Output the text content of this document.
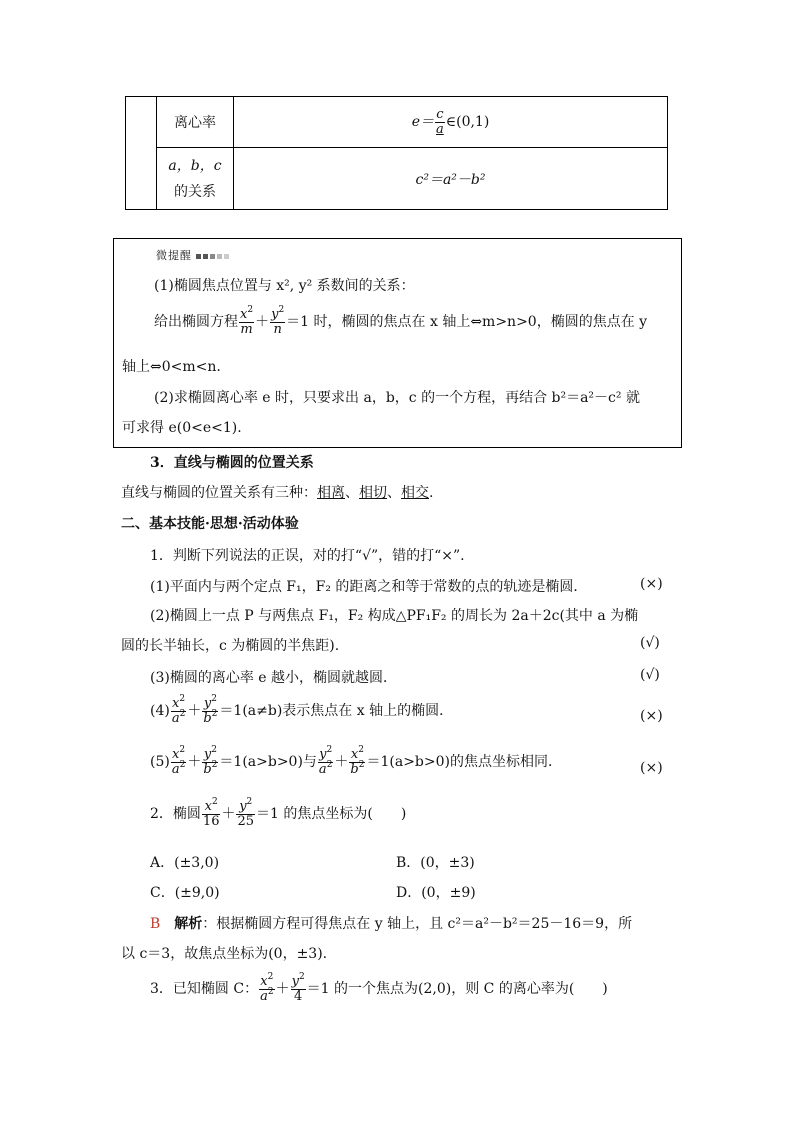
	离心率	$e= \frac{c}{a}$ ∈(0,1)
	a，b，c
的关系	c²＝a²－b²
微提醒
(1)椭圆焦点位置与 x², y² 系数间的关系：
给出椭圆方程 $\frac{x^2}{m} + \frac{y^2}{n} =1$ 时，椭圆的焦点在 x 轴上⇔m>n>0，椭圆的焦点在 y
轴上⇔0<m<n.
(2)求椭圆离心率 e 时，只要求出 a，b，c 的一个方程，再结合 b²＝a²－c² 就
可求得 e(0<e<1).
3．直线与椭圆的位置关系
直线与椭圆的位置关系有三种：相离、相切、相交.
二、基本技能·思想·活动体验
1．判断下列说法的正误，对的打“√”，错的打“×”.
(1)平面内与两个定点 F₁，F₂ 的距离之和等于常数的点的轨迹是椭圆．	(×)
(2)椭圆上一点 P 与两焦点 F₁，F₂ 构成△PF₁F₂ 的周长为 2a＋2c(其中 a 为椭
圆的长半轴长，c 为椭圆的半焦距).	(√)
(3)椭圆的离心率 e 越小，椭圆就越圆．	(√)
$(4) \frac{x^2}{a^2} + \frac{y^2}{b^2} =1(a\ne b)$表示焦点在 x 轴上的椭圆．	(×)
$(5) \frac{x^2}{a^2} + \frac{y^2}{b^2} =1(a>b>0)$与 $\frac{y^2}{a^2} + \frac{x^2}{b^2} =1(a>b>0)$的焦点坐标相同．	(×)
2．椭圆 $\frac{x^2}{16} + \frac{y^2}{25} =1$ 的焦点坐标为(　　)
A．(±3,0)	B．(0，±3)
C．(±9,0)	D．(0，±9)
B　 解析：根据椭圆方程可得焦点在 y 轴上，且 c²＝a²－b²＝25－16＝9，所
以 c＝3，故焦点坐标为(0，±3).
3．已知椭圆 C： $\frac{x^2}{a^2} + \frac{y^2}{4} =1$ 的一个焦点为(2,0)，则 C 的离心率为(　　)
